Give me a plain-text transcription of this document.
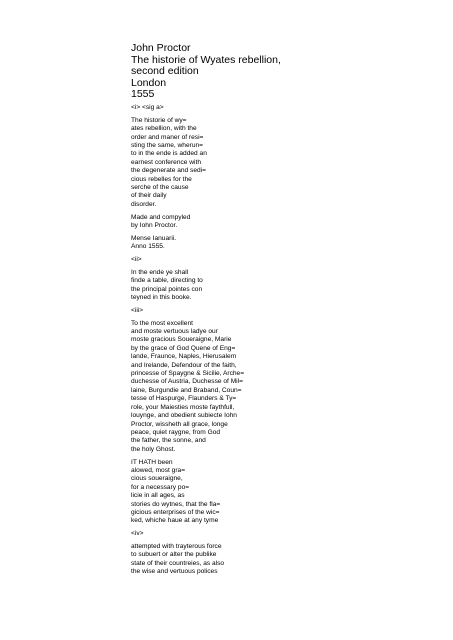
John Proctor
The historie of Wyates rebellion,
second edition
London
1555
<i> <sig a>
The historie of wy=
ates rebellion, with the
order and maner of resi=
sting the same, wherun=
to in the ende is added an
earnest conference with
the degenerate and sedi=
cious rebelles for the
serche of the cause
of their daily
disorder.
Made and compyled
by Iohn Proctor.
Mense Ianuarii.
Anno 1555.
<ii>
In the ende ye shall
finde a table, directing to
the principal pointes con
teyned in this booke.
<iii>
To the most excellent
and moste vertuous ladye our
moste gracious Soueraigne, Marie
by the grace of God Quene of Eng=
lande, Fraunce, Naples, Hierusalem
and Irelande, Defendour of the faith,
princesse of Spaygne & Sicilie, Arche=
duchesse of Austria, Duchesse of Mil=
laine, Burgundie and Braband, Coun=
tesse of Haspurge, Flaunders & Ty=
role, your Maiesties moste faythfull,
louynge, and obedient subiecte Iohn
Proctor, wissheth all grace, longe
peace, quiet raygne, from God
the father, the sonne, and
the holy Ghost.
IT HATH been
alowed, most gra=
cious soueraigne,
for a necessary po=
licie in all ages, as
stories do wytnes, that the fla=
gicious enterprises of the wic=
ked, whiche haue at any tyme
<iv>
attempted with trayterous force
to subuert or alter the publike
state of their countreies, as also
the wise and vertuous polices
